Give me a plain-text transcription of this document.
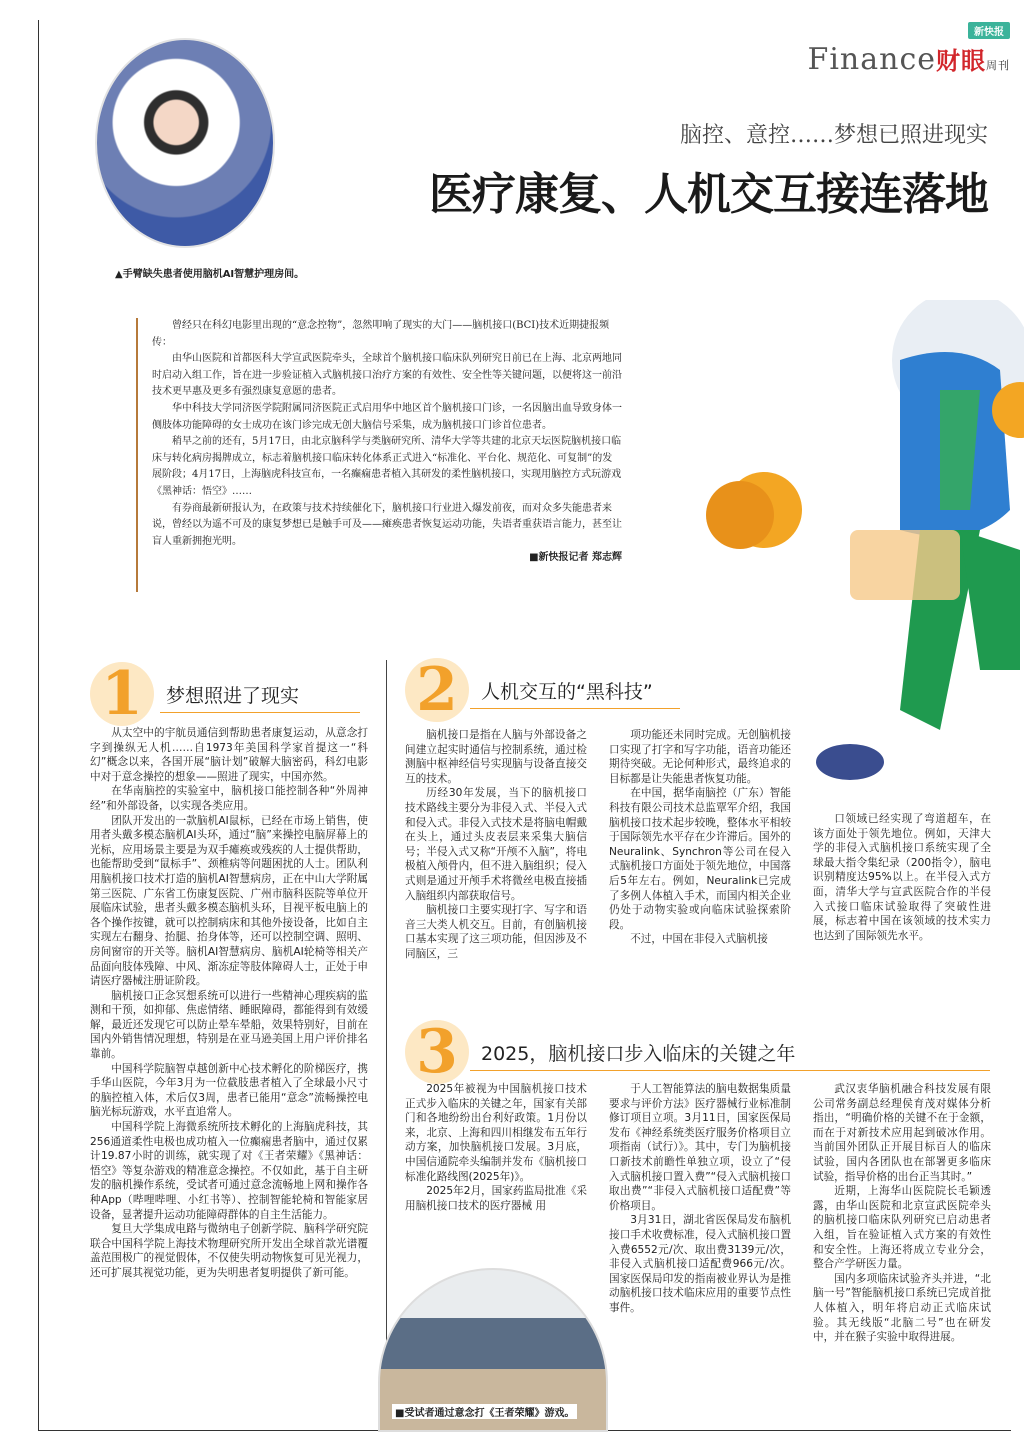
新快报
Finance财眼周刊
▲手臂缺失患者使用脑机AI智慧护理房间。
脑控、意控……梦想已照进现实
医疗康复、人机交互接连落地

曾经只在科幻电影里出现的“意念控物”，忽然叩响了现实的大门——脑机接口(BCI)技术近期捷报频传：

由华山医院和首都医科大学宣武医院牵头，全球首个脑机接口临床队列研究日前已在上海、北京两地同时启动入组工作，旨在进一步验证植入式脑机接口治疗方案的有效性、安全性等关键问题，以便将这一前沿技术更早惠及更多有强烈康复意愿的患者。

华中科技大学同济医学院附属同济医院正式启用华中地区首个脑机接口门诊，一名因脑出血导致身体一侧肢体功能障碍的女士成功在该门诊完成无创大脑信号采集，成为脑机接口门诊首位患者。

稍早之前的还有，5月17日，由北京脑科学与类脑研究所、清华大学等共建的北京天坛医院脑机接口临床与转化病房揭牌成立，标志着脑机接口临床转化体系正式进入“标准化、平台化、规范化、可复制”的发展阶段；4月17日，上海脑虎科技宣布，一名癫痫患者植入其研发的柔性脑机接口，实现用脑控方式玩游戏《黑神话：悟空》……

有券商最新研报认为，在政策与技术持续催化下，脑机接口行业进入爆发前夜，而对众多失能患者来说，曾经以为遥不可及的康复梦想已是触手可及——瘫痪患者恢复运动功能，失语者重获语言能力，甚至让盲人重新拥抱光明。

■新快报记者 郑志辉

1	梦想照进了现实

从太空中的宇航员通信到帮助患者康复运动，从意念打字到操纵无人机……自1973年美国科学家首提这一“科幻”概念以来，各国开展“脑计划”破解大脑密码，科幻电影中对于意念操控的想象——照进了现实，中国亦然。

在华南脑控的实验室中，脑机接口能控制各种“外周神经”和外部设备，以实现各类应用。

团队开发出的一款脑机AI鼠标，已经在市场上销售，使用者头戴多模态脑机AI头环，通过“脑”来操控电脑屏幕上的光标，应用场景主要是为双手瘫痪或残疾的人士提供帮助，也能帮助受到“鼠标手”、颈椎病等问题困扰的人士。团队利用脑机接口技术打造的脑机AI智慧病房，正在中山大学附属第三医院、广东省工伤康复医院、广州市脑科医院等单位开展临床试验，患者头戴多模态脑机头环，目视平板电脑上的各个操作按键，就可以控制病床和其他外接设备，比如自主实现左右翻身、抬腿、抬身体等，还可以控制空调、照明、房间窗帘的开关等。脑机AI智慧病房、脑机AI轮椅等相关产品面向肢体残障、中风、渐冻症等肢体障碍人士，正处于申请医疗器械注册证阶段。

脑机接口正念冥想系统可以进行一些精神心理疾病的监测和干预，如抑郁、焦虑情绪、睡眠障碍，都能得到有效缓解，最近还发现它可以防止晕车晕船，效果特别好，目前在国内外销售情况理想，特别是在亚马逊美国上用户评价排名靠前。

中国科学院脑智卓越创新中心技术孵化的阶梯医疗，携手华山医院，今年3月为一位截肢患者植入了全球最小尺寸的脑控植入体，术后仅3周，患者已能用“意念”流畅操控电脑光标玩游戏，水平直追常人。

中国科学院上海微系统所技术孵化的上海脑虎科技，其256通道柔性电极也成功植入一位癫痫患者脑中，通过仅累计19.87小时的训练，就实现了对《王者荣耀》《黑神话：悟空》等复杂游戏的精准意念操控。不仅如此，基于自主研发的脑机操作系统，受试者可通过意念流畅地上网和操作各种App（哔哩哔哩、小红书等）、控制智能轮椅和智能家居设备，显著提升运动功能障碍群体的自主生活能力。

复旦大学集成电路与微纳电子创新学院、脑科学研究院联合中国科学院上海技术物理研究所开发出全球首款光谱覆盖范围极广的视觉假体，不仅使失明动物恢复可见光视力，还可扩展其视觉功能，更为失明患者复明提供了新可能。

2	人机交互的“黑科技”

脑机接口是指在人脑与外部设备之间建立起实时通信与控制系统，通过检测脑中枢神经信号实现脑与设备直接交互的技术。

历经30年发展，当下的脑机接口技术路线主要分为非侵入式、半侵入式和侵入式。非侵入式技术是将脑电帽戴在头上，通过头皮表层来采集大脑信号；半侵入式又称“开颅不入脑”，将电极植入颅骨内，但不进入脑组织；侵入式则是通过开颅手术将微丝电极直接插入脑组织内部获取信号。

脑机接口主要实现打字、写字和语音三大类人机交互。目前，有创脑机接口基本实现了这三项功能，但因涉及不同脑区，三

项功能还未同时完成。无创脑机接口实现了打字和写字功能，语音功能还期待突破。无论何种形式，最终追求的目标都是让失能患者恢复功能。

在中国，据华南脑控（广东）智能科技有限公司技术总监覃军介绍，我国脑机接口技术起步较晚，整体水平相较于国际领先水平存在少许滞后。国外的Neuralink、Synchron等公司在侵入式脑机接口方面处于领先地位，中国落后5年左右。例如，Neuralink已完成了多例人体植入手术，而国内相关企业仍处于动物实验或向临床试验探索阶段。

不过，中国在非侵入式脑机接

口领域已经实现了弯道超车，在该方面处于领先地位。例如，天津大学的非侵入式脑机接口系统实现了全球最大指令集纪录（200指令），脑电识别精度达95%以上。在半侵入式方面，清华大学与宣武医院合作的半侵入式接口临床试验取得了突破性进展，标志着中国在该领域的技术实力也达到了国际领先水平。

3	2025，脑机接口步入临床的关键之年

2025年被视为中国脑机接口技术正式步入临床的关键之年，国家有关部门和各地纷纷出台利好政策。1月份以来，北京、上海和四川相继发布五年行动方案，加快脑机接口发展。3月底，中国信通院牵头编制并发布《脑机接口标准化路线图(2025年)》。

2025年2月，国家药监局批准《采用脑机接口技术的医疗器械 用

于人工智能算法的脑电数据集质量要求与评价方法》医疗器械行业标准制修订项目立项。3月11日，国家医保局发布《神经系统类医疗服务价格项目立项指南（试行）》。其中，专门为脑机接口新技术前瞻性单独立项，设立了“侵入式脑机接口置入费”“侵入式脑机接口取出费”“非侵入式脑机接口适配费”等价格项目。

3月31日，湖北省医保局发布脑机接口手术收费标准，侵入式脑机接口置入费6552元/次、取出费3139元/次，非侵入式脑机接口适配费966元/次。国家医保局印发的指南被业界认为是推动脑机接口技术临床应用的重要节点性事件。

武汉衷华脑机融合科技发展有限公司常务副总经理侯育茂对媒体分析指出，“明确价格的关键不在于金额，而在于对新技术应用起到破冰作用。当前国外团队正开展目标百人的临床试验，国内各团队也在部署更多临床试验，指导价格的出台正当其时。”

近期，上海华山医院院长毛颖透露，由华山医院和北京宣武医院牵头的脑机接口临床队列研究已启动患者入组，旨在验证植入式方案的有效性和安全性。上海还将成立专业分会，整合产学研医力量。

国内多项临床试验齐头并进，“北脑一号”智能脑机接口系统已完成首批人体植入，明年将启动正式临床试验。其无线版“北脑二号”也在研发中，并在猴子实验中取得进展。

■受试者通过意念打《王者荣耀》游戏。
